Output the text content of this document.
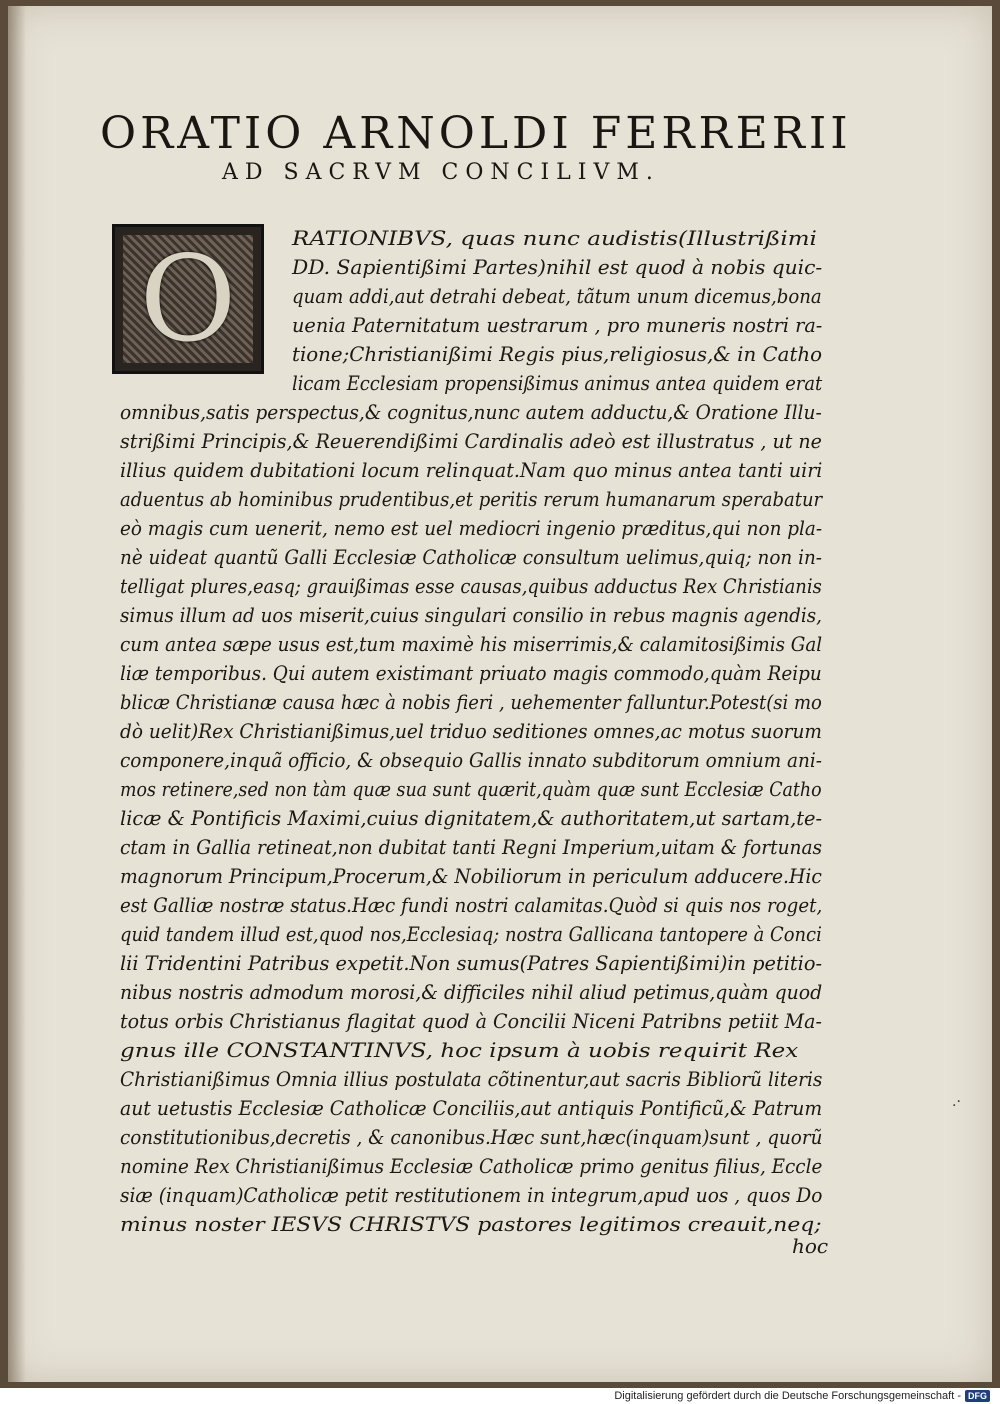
ORATIO ARNOLDI FERRERII
AD SACRVM CONCILIVM.
O	RATIONIBVS, quas nunc audistis(Illustrißimi
DD. Sapientißimi Partes)nihil est quod à nobis quic-
quam addi,aut detrahi debeat, tãtum unum dicemus,bona
uenia Paternitatum uestrarum , pro muneris nostri ra-
tione;Christianißimi Regis pius,religiosus,& in Catho
licam Ecclesiam propensißimus animus antea quidem erat
omnibus,satis perspectus,& cognitus,nunc autem adductu,& Oratione Illu-
strißimi Principis,& Reuerendißimi Cardinalis adeò est illustratus , ut ne
illius quidem dubitationi locum relinquat.Nam quo minus antea tanti uiri
aduentus ab hominibus prudentibus,et peritis rerum humanarum sperabatur
eò magis cum uenerit, nemo est uel mediocri ingenio præditus,qui non pla-
nè uideat quantũ Galli Ecclesiæ Catholicæ consultum uelimus,quiq; non in-
telligat plures,easq; grauißimas esse causas,quibus adductus Rex Christianis
simus illum ad uos miserit,cuius singulari consilio in rebus magnis agendis,
cum antea sæpe usus est,tum maximè his miserrimis,& calamitosißimis Gal
liæ temporibus. Qui autem existimant priuato magis commodo,quàm Reipu
blicæ Christianæ causa hæc à nobis fieri , uehementer falluntur.Potest(si mo
dò uelit)Rex Christianißimus,uel triduo seditiones omnes,ac motus suorum
componere,inquã officio, & obsequio Gallis innato subditorum omnium ani-
mos retinere,sed non tàm quæ sua sunt quærit,quàm quæ sunt Ecclesiæ Catho
licæ & Pontificis Maximi,cuius dignitatem,& authoritatem,ut sartam,te-
ctam in Gallia retineat,non dubitat tanti Regni Imperium,uitam & fortunas
magnorum Principum,Procerum,& Nobiliorum in periculum adducere.Hic
est Galliæ nostræ status.Hæc fundi nostri calamitas.Quòd si quis nos roget,
quid tandem illud est,quod nos,Ecclesiaq; nostra Gallicana tantopere à Conci
lii Tridentini Patribus expetit.Non sumus(Patres Sapientißimi)in petitio-
nibus nostris admodum morosi,& difficiles nihil aliud petimus,quàm quod
totus orbis Christianus flagitat quod à Concilii Niceni Patribns petiit Ma-
gnus ille CONSTANTINVS, hoc ipsum à uobis requirit Rex
Christianißimus Omnia illius postulata cõtinentur,aut sacris Bibliorũ literis
aut uetustis Ecclesiæ Catholicæ Conciliis,aut antiquis Pontificũ,& Patrum
constitutionibus,decretis , & canonibus.Hæc sunt,hæc(inquam)sunt , quorũ
nomine Rex Christianißimus Ecclesiæ Catholicæ primo genitus filius, Eccle
siæ (inquam)Catholicæ petit restitutionem in integrum,apud uos , quos Do
minus noster IESVS CHRISTVS pastores legitimos creauit,neq;
hoc
.·
Digitalisierung gefördert durch die Deutsche Forschungsgemeinschaft - DFG
